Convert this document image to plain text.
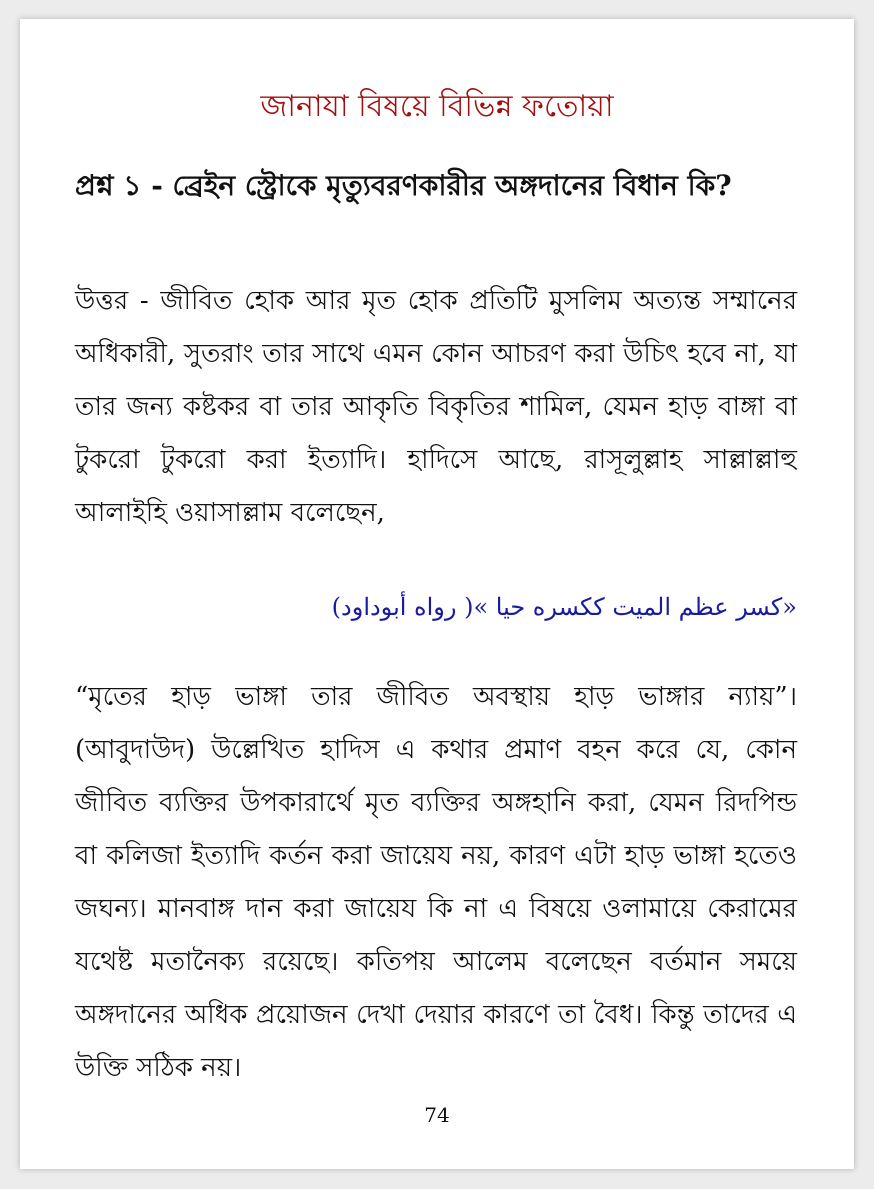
জানাযা বিষয়ে বিভিন্ন ফতোয়া

প্রশ্ন ১ - ব্রেইন স্ট্রোকে মৃত্যুবরণকারীর অঙ্গদানের বিধান কি?

উত্তর - জীবিত হোক আর মৃত হোক প্রতিটি মুসলিম অত্যন্ত সম্মানের অধিকারী, সুতরাং তার সাথে এমন কোন আচরণ করা উচিৎ হবে না, যা তার জন্য কষ্টকর বা তার আকৃতি বিকৃতির শামিল, যেমন হাড় বাঙ্গা বা টুকরো টুকরো করা ইত্যাদি। হাদিসে আছে, রাসূলুল্লাহ সাল্লাল্লাহু আলাইহি ওয়াসাল্লাম বলেছেন,

«كسر عظم الميت ككسره حيا »( رواه أبوداود)

“মৃতের হাড় ভাঙ্গা তার জীবিত অবস্থায় হাড় ভাঙ্গার ন্যায়”। (আবুদাউদ) উল্লেখিত হাদিস এ কথার প্রমাণ বহন করে যে, কোন জীবিত ব্যক্তির উপকারার্থে মৃত ব্যক্তির অঙ্গহানি করা, যেমন রিদপিন্ড বা কলিজা ইত্যাদি কর্তন করা জায়েয নয়, কারণ এটা হাড় ভাঙ্গা হতেও জঘন্য। মানবাঙ্গ দান করা জায়েয কি না এ বিষয়ে ওলামায়ে কেরামের যথেষ্ট মতানৈক্য রয়েছে। কতিপয় আলেম বলেছেন বর্তমান সময়ে অঙ্গদানের অধিক প্রয়োজন দেখা দেয়ার কারণে তা বৈধ। কিন্তু তাদের এ উক্তি সঠিক নয়।

74
